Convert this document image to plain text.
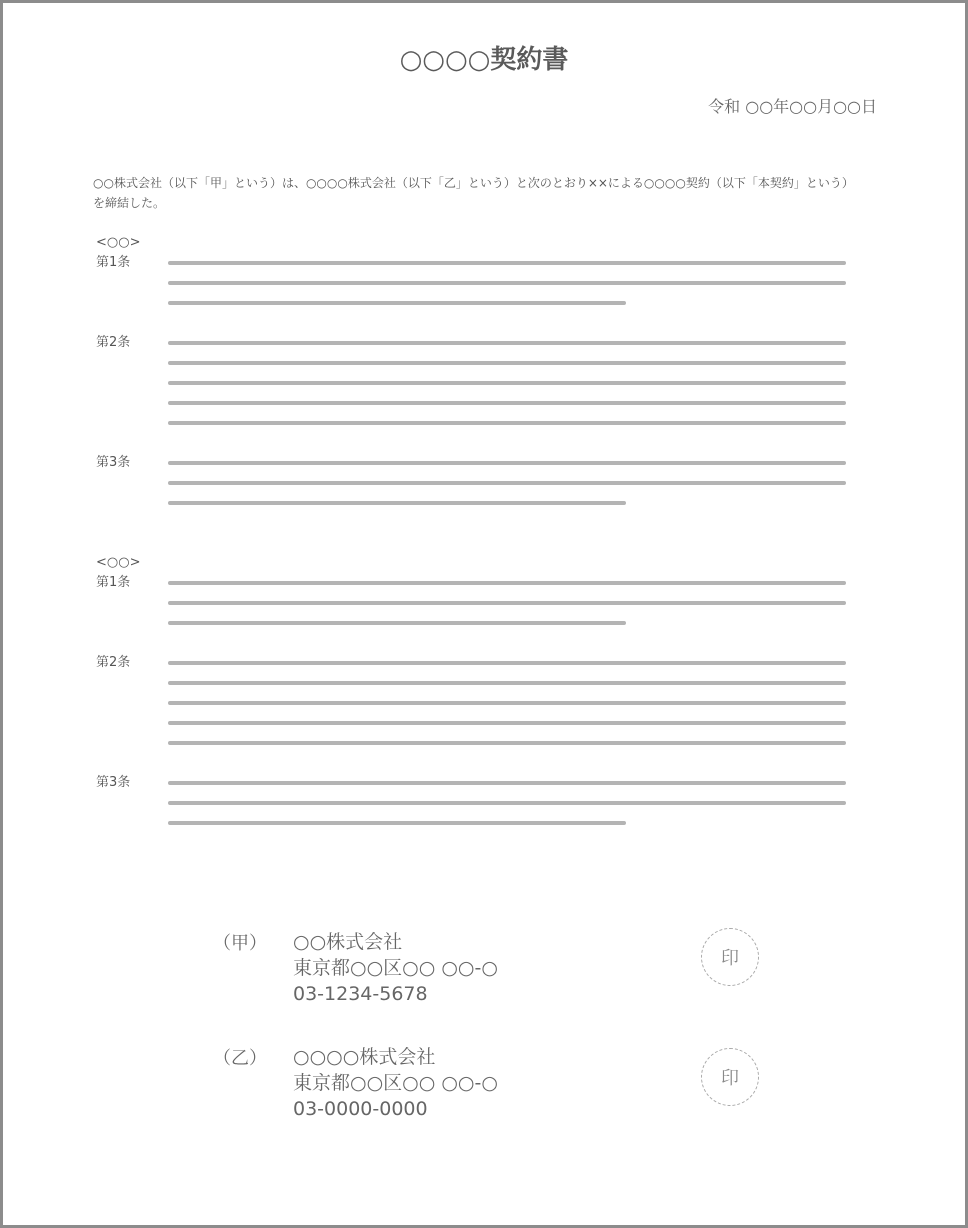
○○○○契約書
令和 ○○年○○月○○日
○○株式会社（以下「甲」という）は、○○○○株式会社（以下「乙」という）と次のとおり××による○○○○契約（以下「本契約」という）
を締結した。
<○○>
第1条
第2条
第3条
<○○>
第1条
第2条
第3条
（甲） ○○株式会社
東京都○○区○○ ○○-○
03-1234-5678
印
（乙） ○○○○株式会社
東京都○○区○○ ○○-○
03-0000-0000
印
